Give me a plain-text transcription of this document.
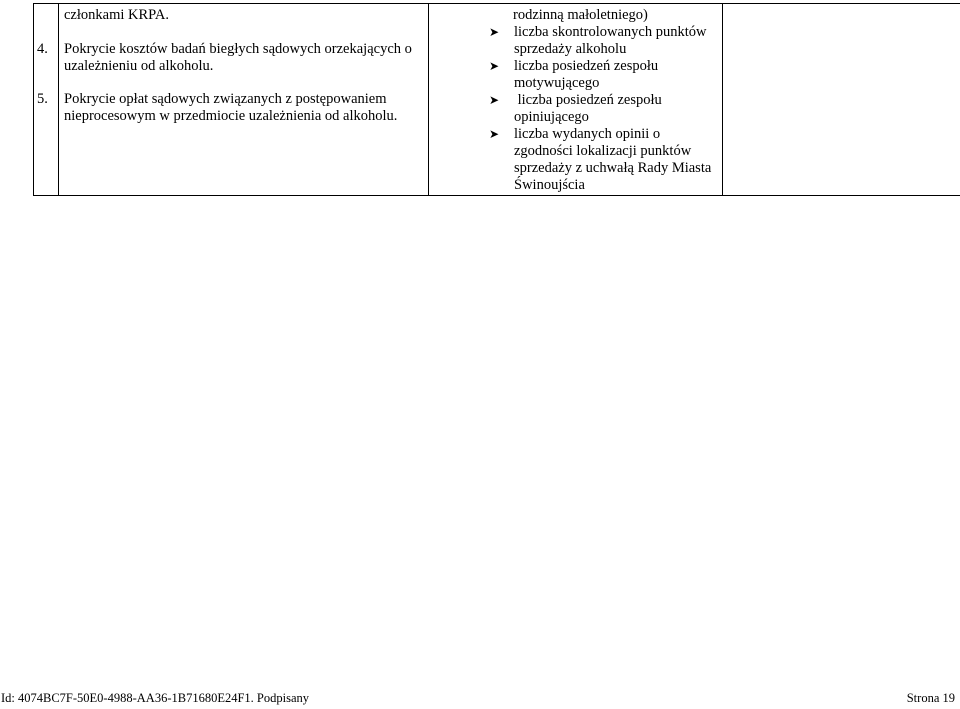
4.
5.
członkami KRPA.
Pokrycie kosztów badań biegłych sądowych orzekających o
uzależnieniu od alkoholu.
Pokrycie opłat sądowych związanych z postępowaniem
nieprocesowym w przedmiocie uzależnienia od alkoholu.
rodzinną małoletniego)
➤ liczba skontrolowanych punktów
sprzedaży alkoholu
➤ liczba posiedzeń zespołu
motywującego
➤ liczba posiedzeń zespołu
opiniującego
➤ liczba wydanych opinii o
zgodności lokalizacji punktów
sprzedaży z uchwałą Rady Miasta
Świnoujścia
Id: 4074BC7F-50E0-4988-AA36-1B71680E24F1. Podpisany	Strona 19
